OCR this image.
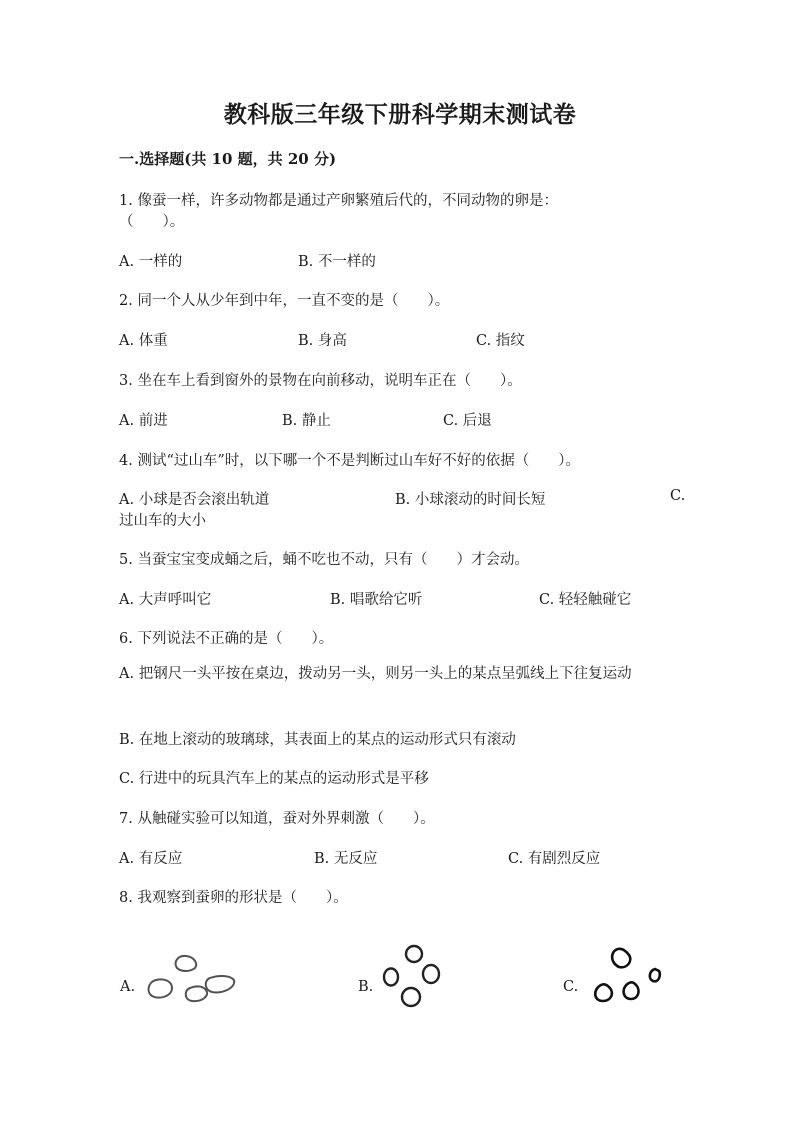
教科版三年级下册科学期末测试卷
一.选择题(共 10 题，共 20 分)
1. 像蚕一样，许多动物都是通过产卵繁殖后代的，不同动物的卵是：
（　　）。
A. 一样的	B. 不一样的
2. 同一个人从少年到中年，一直不变的是（　　）。
A. 体重	B. 身高	C. 指纹
3. 坐在车上看到窗外的景物在向前移动，说明车正在（　　）。
A. 前进	B. 静止	C. 后退
4. 测试“过山车”时，以下哪一个不是判断过山车好不好的依据（　　）。
A. 小球是否会滚出轨道	B. 小球滚动的时间长短	C.
过山车的大小
5. 当蚕宝宝变成蛹之后，蛹不吃也不动，只有（　　）才会动。
A. 大声呼叫它	B. 唱歌给它听	C. 轻轻触碰它
6. 下列说法不正确的是（　　）。
A. 把钢尺一头平按在桌边，拨动另一头，则另一头上的某点呈弧线上下往复运动
B. 在地上滚动的玻璃球，其表面上的某点的运动形式只有滚动
C. 行进中的玩具汽车上的某点的运动形式是平移
7. 从触碰实验可以知道，蚕对外界刺激（　　）。
A. 有反应	B. 无反应	C. 有剧烈反应
8. 我观察到蚕卵的形状是（　　）。
A.	B.	C.
